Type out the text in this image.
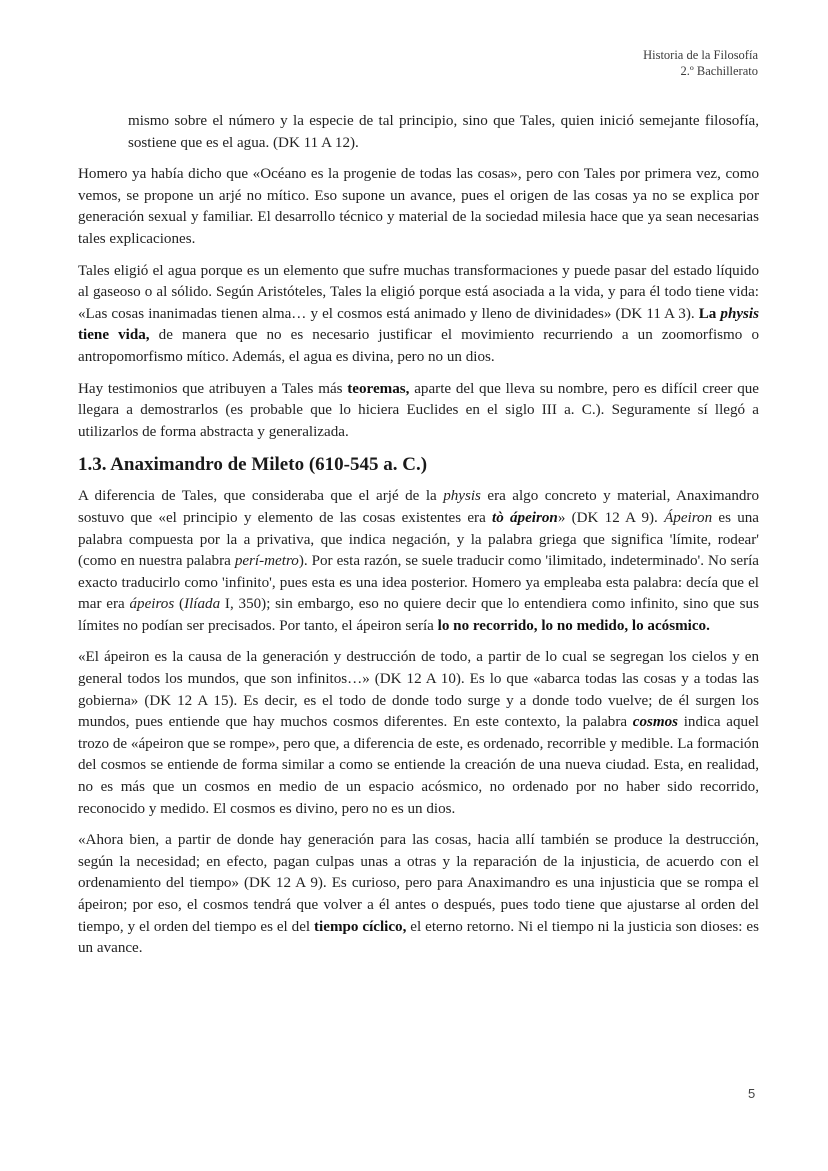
Historia de la Filosofía
2.º Bachillerato

mismo sobre el número y la especie de tal principio, sino que Tales, quien inició semejante filosofía, sostiene que es el agua. (DK 11 A 12).

Homero ya había dicho que «Océano es la progenie de todas las cosas», pero con Tales por primera vez, como vemos, se propone un arjé no mítico. Eso supone un avance, pues el origen de las cosas ya no se explica por generación sexual y familiar. El desarrollo técnico y material de la sociedad milesia hace que ya sean necesarias tales explicaciones.

Tales eligió el agua porque es un elemento que sufre muchas transformaciones y puede pasar del estado líquido al gaseoso o al sólido. Según Aristóteles, Tales la eligió porque está asociada a la vida, y para él todo tiene vida: «Las cosas inanimadas tienen alma… y el cosmos está animado y lleno de divinidades» (DK 11 A 3). La physis tiene vida, de manera que no es necesario justificar el movimiento recurriendo a un zoomorfismo o antropomorfismo mítico. Además, el agua es divina, pero no un dios.

Hay testimonios que atribuyen a Tales más teoremas, aparte del que lleva su nombre, pero es difícil creer que llegara a demostrarlos (es probable que lo hiciera Euclides en el siglo III a. C.). Seguramente sí llegó a utilizarlos de forma abstracta y generalizada.

1.3. Anaximandro de Mileto (610-545 a. C.)

A diferencia de Tales, que consideraba que el arjé de la physis era algo concreto y material, Anaximandro sostuvo que «el principio y elemento de las cosas existentes era tò ápeiron» (DK 12 A 9). Ápeiron es una palabra compuesta por la a privativa, que indica negación, y la palabra griega que significa 'límite, rodear' (como en nuestra palabra perí-metro). Por esta razón, se suele traducir como 'ilimitado, indeterminado'. No sería exacto traducirlo como 'infinito', pues esta es una idea posterior. Homero ya empleaba esta palabra: decía que el mar era ápeiros (Ilíada I, 350); sin embargo, eso no quiere decir que lo entendiera como infinito, sino que sus límites no podían ser precisados. Por tanto, el ápeiron sería lo no recorrido, lo no medido, lo acósmico.

«El ápeiron es la causa de la generación y destrucción de todo, a partir de lo cual se segregan los cielos y en general todos los mundos, que son infinitos…» (DK 12 A 10). Es lo que «abarca todas las cosas y a todas las gobierna» (DK 12 A 15). Es decir, es el todo de donde todo surge y a donde todo vuelve; de él surgen los mundos, pues entiende que hay muchos cosmos diferentes. En este contexto, la palabra cosmos indica aquel trozo de «ápeiron que se rompe», pero que, a diferencia de este, es ordenado, recorrible y medible. La formación del cosmos se entiende de forma similar a como se entiende la creación de una nueva ciudad. Esta, en realidad, no es más que un cosmos en medio de un espacio acósmico, no ordenado por no haber sido recorrido, reconocido y medido. El cosmos es divino, pero no es un dios.

«Ahora bien, a partir de donde hay generación para las cosas, hacia allí también se produce la destrucción, según la necesidad; en efecto, pagan culpas unas a otras y la reparación de la injusticia, de acuerdo con el ordenamiento del tiempo» (DK 12 A 9). Es curioso, pero para Anaximandro es una injusticia que se rompa el ápeiron; por eso, el cosmos tendrá que volver a él antes o después, pues todo tiene que ajustarse al orden del tiempo, y el orden del tiempo es el del tiempo cíclico, el eterno retorno. Ni el tiempo ni la justicia son dioses: es un avance.

5
